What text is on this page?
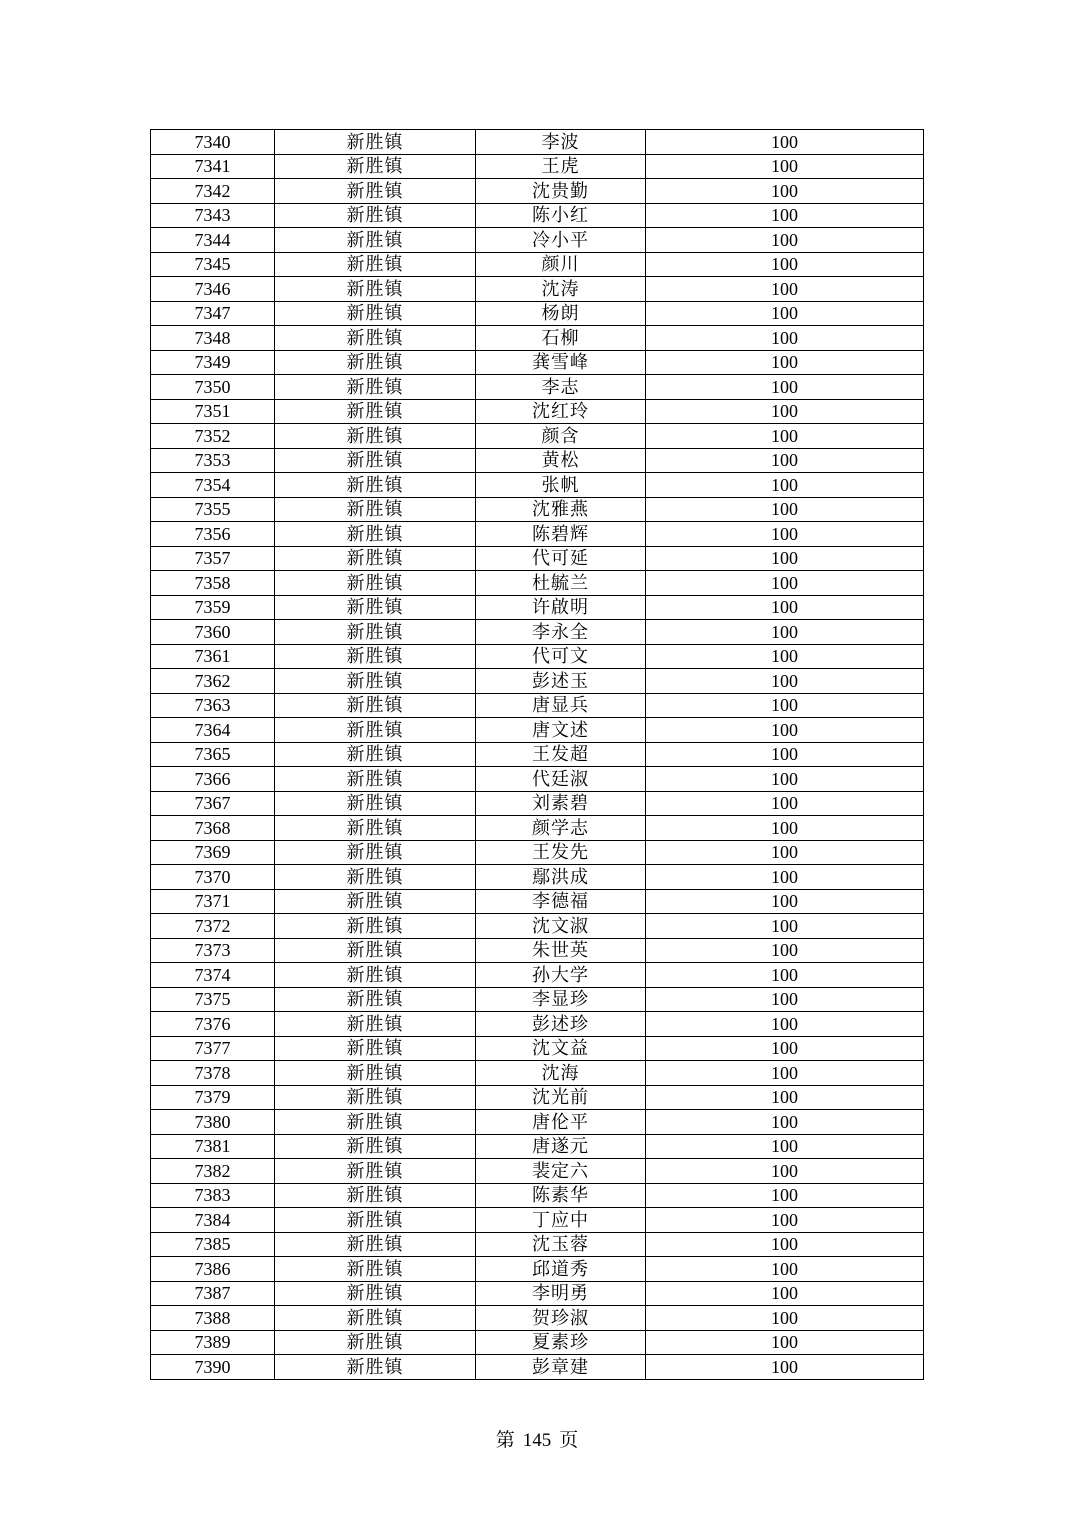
7340	新胜镇	李波	100
7341	新胜镇	王虎	100
7342	新胜镇	沈贵勤	100
7343	新胜镇	陈小红	100
7344	新胜镇	冷小平	100
7345	新胜镇	颜川	100
7346	新胜镇	沈涛	100
7347	新胜镇	杨朗	100
7348	新胜镇	石柳	100
7349	新胜镇	龚雪峰	100
7350	新胜镇	李志	100
7351	新胜镇	沈红玲	100
7352	新胜镇	颜含	100
7353	新胜镇	黄松	100
7354	新胜镇	张帆	100
7355	新胜镇	沈雅燕	100
7356	新胜镇	陈碧辉	100
7357	新胜镇	代可延	100
7358	新胜镇	杜毓兰	100
7359	新胜镇	许啟明	100
7360	新胜镇	李永全	100
7361	新胜镇	代可文	100
7362	新胜镇	彭述玉	100
7363	新胜镇	唐显兵	100
7364	新胜镇	唐文述	100
7365	新胜镇	王发超	100
7366	新胜镇	代廷淑	100
7367	新胜镇	刘素碧	100
7368	新胜镇	颜学志	100
7369	新胜镇	王发先	100
7370	新胜镇	鄢洪成	100
7371	新胜镇	李德福	100
7372	新胜镇	沈文淑	100
7373	新胜镇	朱世英	100
7374	新胜镇	孙大学	100
7375	新胜镇	李显珍	100
7376	新胜镇	彭述珍	100
7377	新胜镇	沈文益	100
7378	新胜镇	沈海	100
7379	新胜镇	沈光前	100
7380	新胜镇	唐伦平	100
7381	新胜镇	唐遂元	100
7382	新胜镇	裴定六	100
7383	新胜镇	陈素华	100
7384	新胜镇	丁应中	100
7385	新胜镇	沈玉蓉	100
7386	新胜镇	邱道秀	100
7387	新胜镇	李明勇	100
7388	新胜镇	贺珍淑	100
7389	新胜镇	夏素珍	100
7390	新胜镇	彭章建	100
第 145 页
